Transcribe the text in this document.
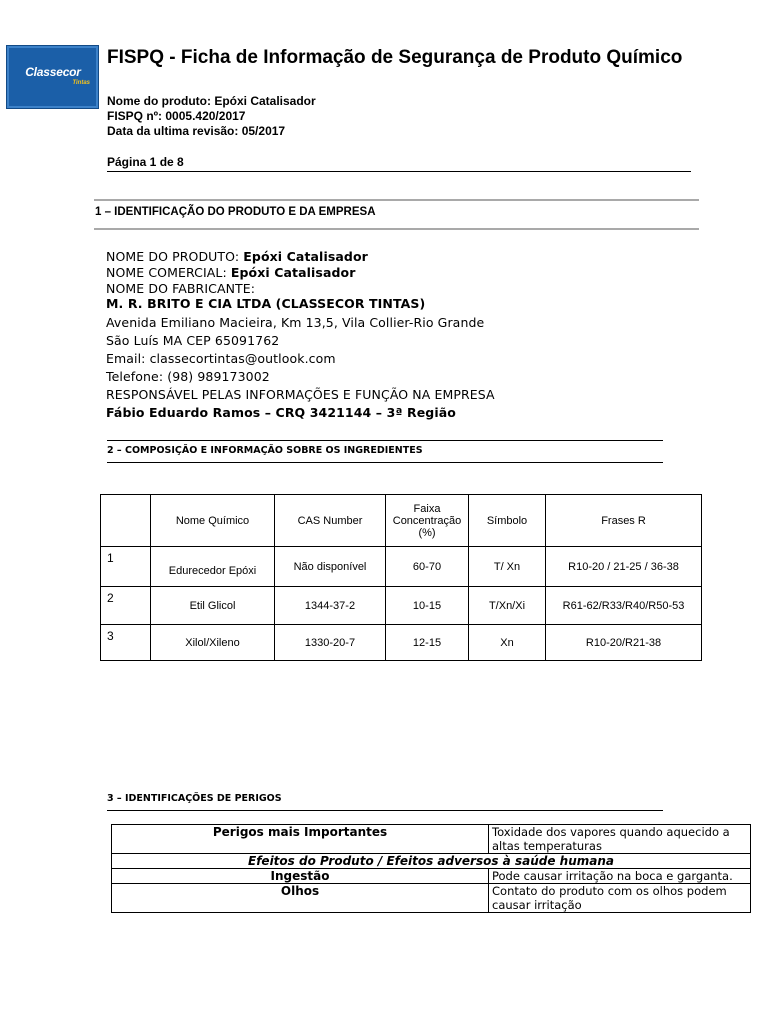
Classecor
Tintas
FISPQ - Ficha de Informação de Segurança de Produto Químico
Nome do produto: Epóxi Catalisador
FISPQ nº: 0005.420/2017
Data da ultima revisão: 05/2017
Página 1 de 8
1 – IDENTIFICAÇÃO DO PRODUTO E DA EMPRESA
NOME DO PRODUTO: Epóxi Catalisador
NOME COMERCIAL: Epóxi Catalisador
NOME DO FABRICANTE:
M. R. BRITO E CIA LTDA (CLASSECOR TINTAS)
Avenida Emiliano Macieira, Km 13,5, Vila Collier-Rio Grande
São Luís MA CEP 65091762
Email: classecortintas@outlook.com
Telefone: (98) 989173002
RESPONSÁVEL PELAS INFORMAÇÕES E FUNÇÃO NA EMPRESA
Fábio Eduardo Ramos – CRQ 3421144 – 3ª Região
2 – COMPOSIÇÃO E INFORMAÇÃO SOBRE OS INGREDIENTES
	Nome Químico	CAS Number	Faixa Concentração (%)	Símbolo	Frases R
1	Edurecedor Epóxi	Não disponível	60-70	T/ Xn	R10-20 / 21-25 / 36-38
2	Etil Glicol	1344-37-2	10-15	T/Xn/Xi	R61-62/R33/R40/R50-53
3	Xilol/Xileno	1330-20-7	12-15	Xn	R10-20/R21-38
3 – IDENTIFICAÇÕES DE PERIGOS
Perigos mais Importantes	Toxidade dos vapores quando aquecido a altas temperaturas
Efeitos do Produto / Efeitos adversos à saúde humana	
Ingestão	Pode causar irritação na boca e garganta.
Olhos	Contato do produto com os olhos podem causar irritação
